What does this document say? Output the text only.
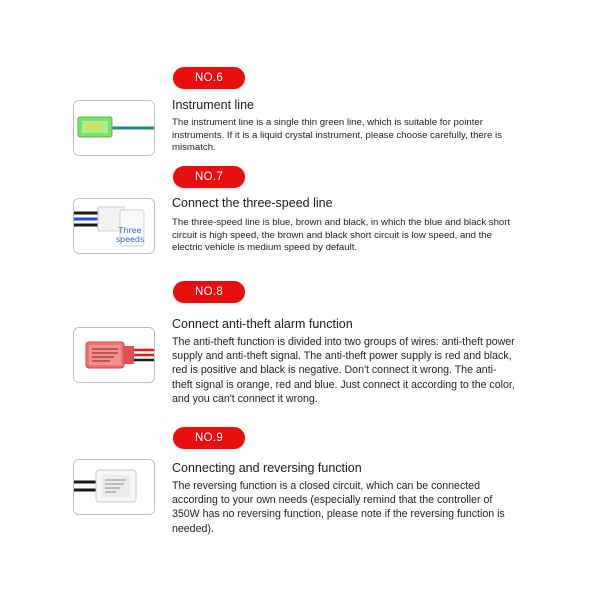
NO.6
Instrument line
The instrument line is a single thin green line, which is suitable for pointer instruments. If it is a liquid crystal instrument, please choose carefully, there is mismatch.
NO.7
Three
speeds
Connect the three-speed line
The three-speed line is blue, brown and black, in which the blue and black short circuit is high speed, the brown and black short circuit is low speed, and the electric vehicle is medium speed by default.
NO.8
Connect anti-theft alarm function
The anti-theft function is divided into two groups of wires: anti-theft power supply and anti-theft signal. The anti-theft power supply is red and black, red is positive and black is negative. Don't connect it wrong. The anti-theft signal is orange, red and blue. Just connect it according to the color, and you can't connect it wrong.
NO.9
Connecting and reversing function
The reversing function is a closed circuit, which can be connected according to your own needs (especially remind that the controller of 350W has no reversing function, please note if the reversing function is needed).
